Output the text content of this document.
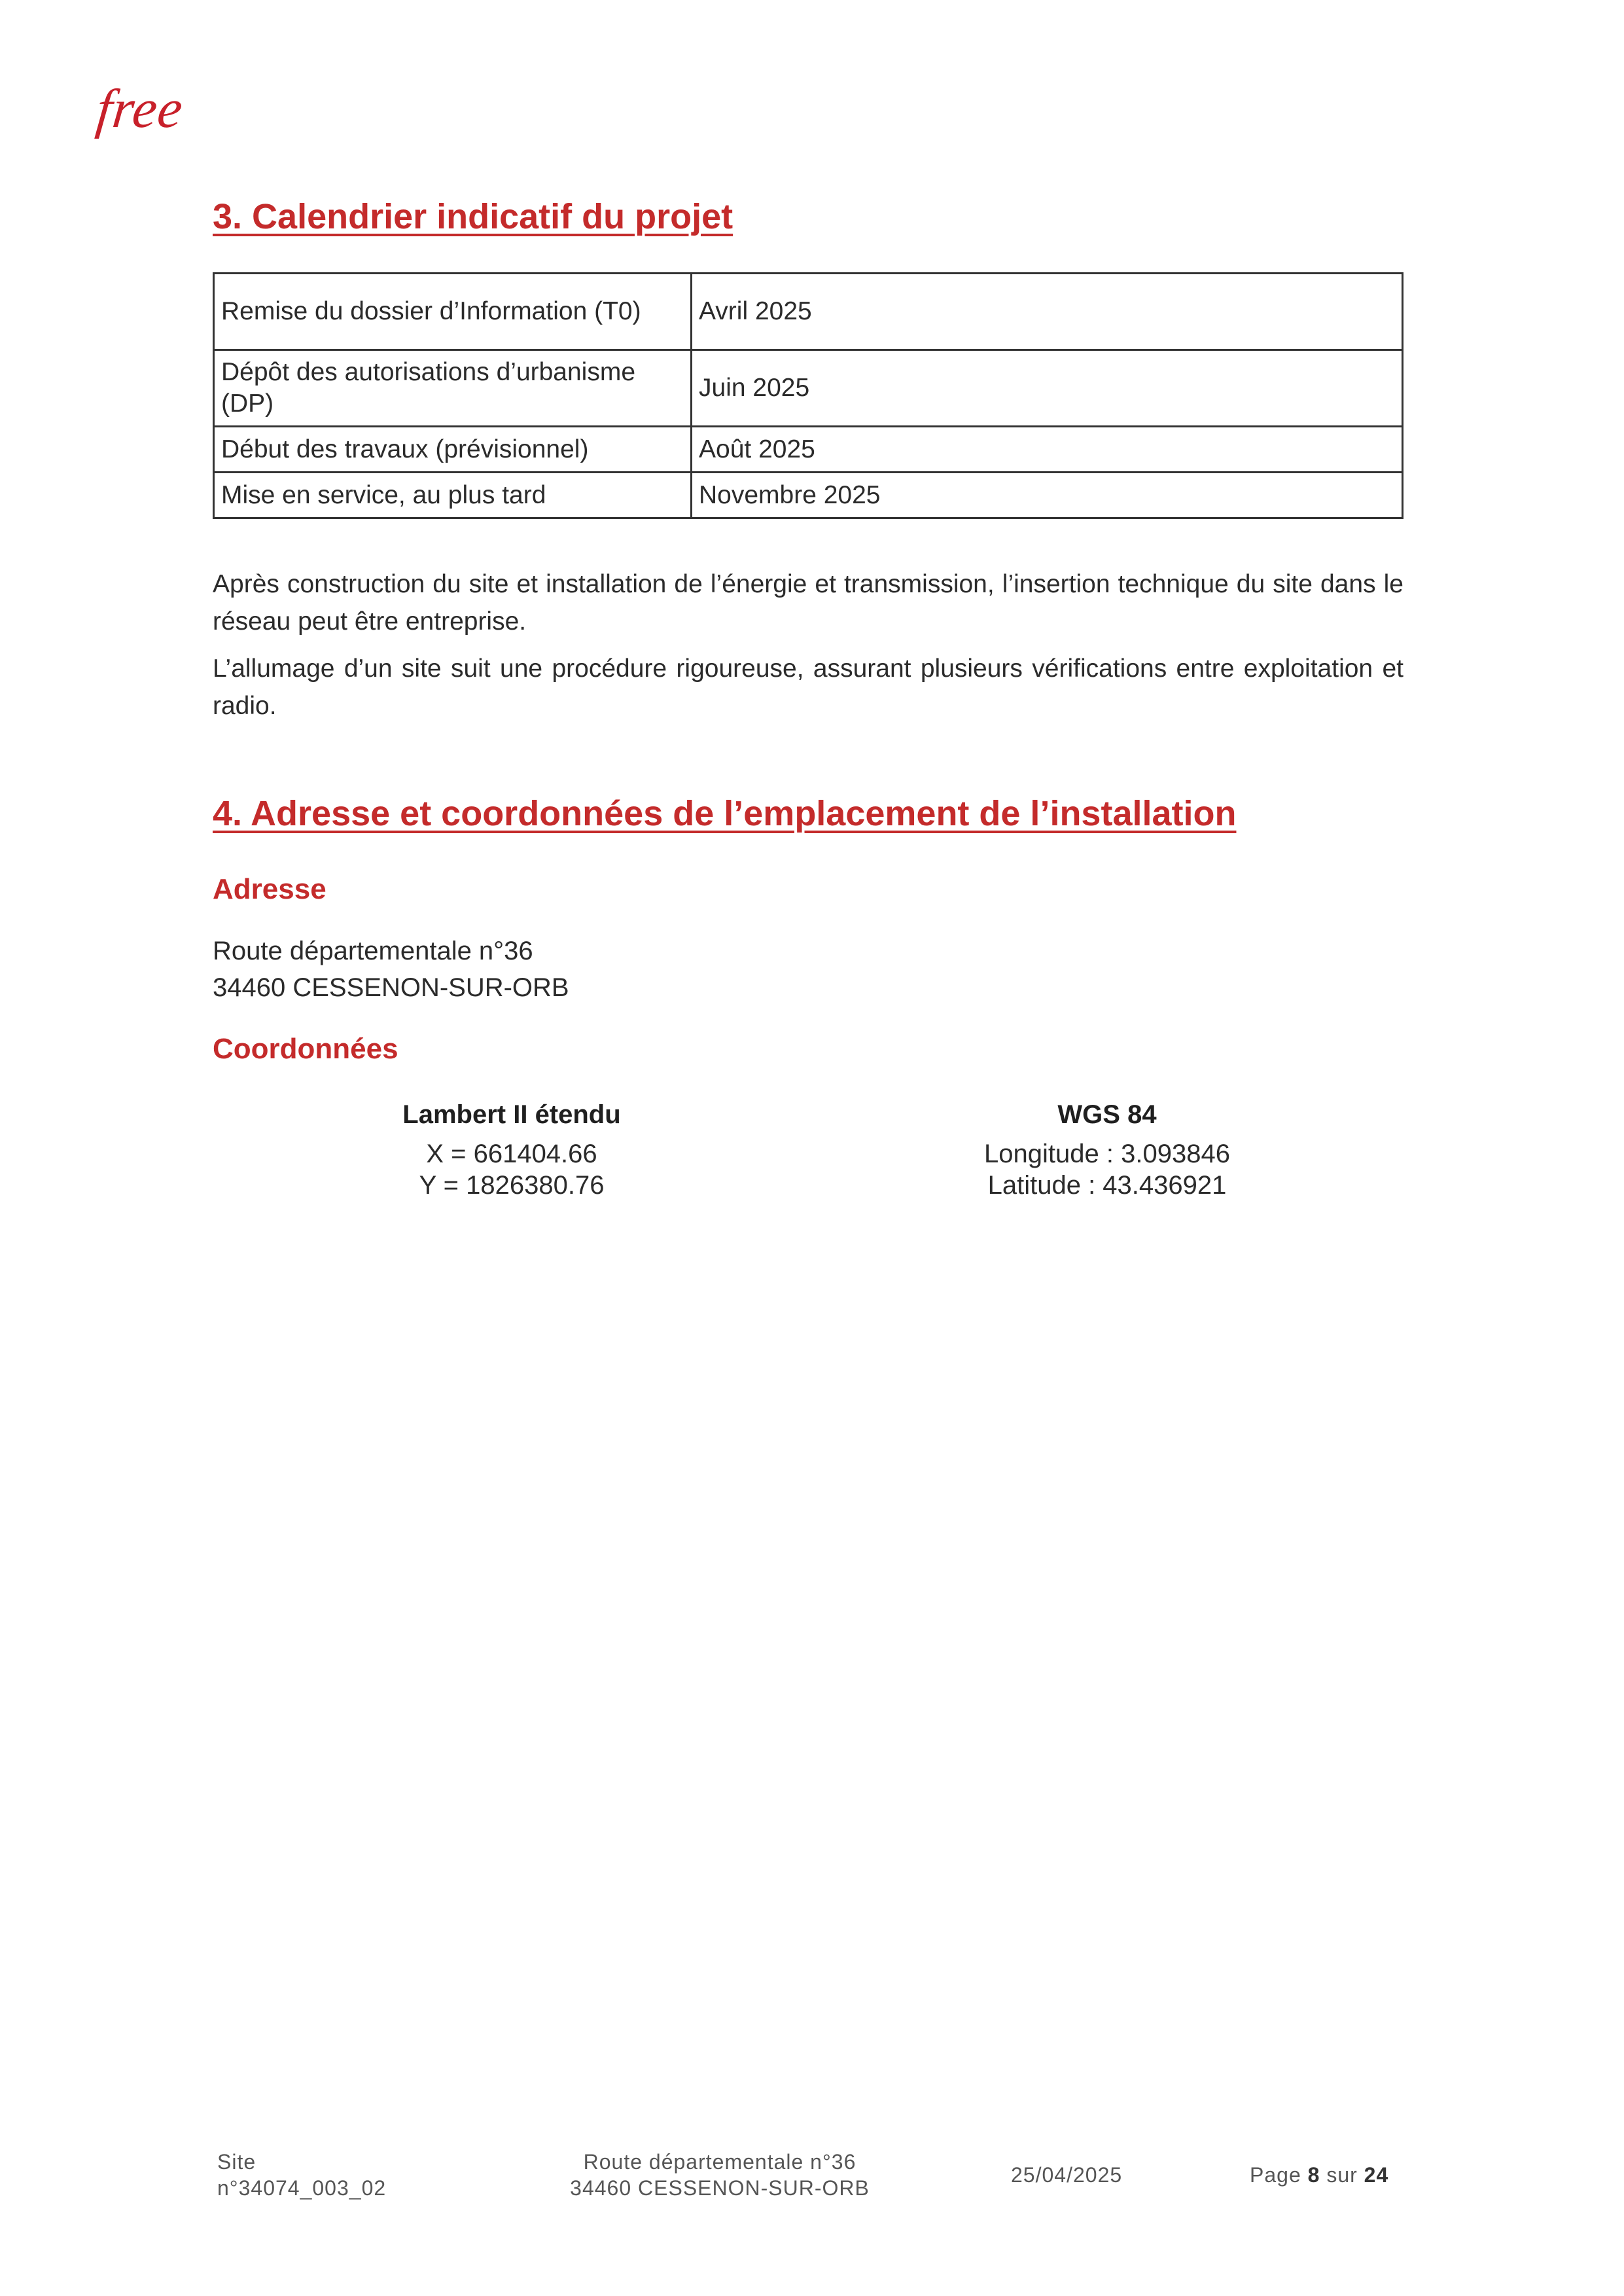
free
3. Calendrier indicatif du projet
Remise du dossier d’Information (T0)	Avril 2025
Dépôt des autorisations d’urbanisme (DP)	Juin 2025
Début des travaux (prévisionnel)	Août 2025
Mise en service, au plus tard	Novembre 2025

Après construction du site et installation de l’énergie et transmission, l’insertion technique du site dans le réseau peut être entreprise.

L’allumage d’un site suit une procédure rigoureuse, assurant plusieurs vérifications entre exploitation et radio.

4. Adresse et coordonnées de l’emplacement de l’installation
Adresse
Route départementale n°36
34460 CESSENON-SUR-ORB
Coordonnées
Lambert II étendu
X = 661404.66
Y = 1826380.76
WGS 84
Longitude : 3.093846
Latitude : 43.436921
Site
n°34074_003_02
Route départementale n°36
34460 CESSENON-SUR-ORB
25/04/2025	Page 8 sur 24
